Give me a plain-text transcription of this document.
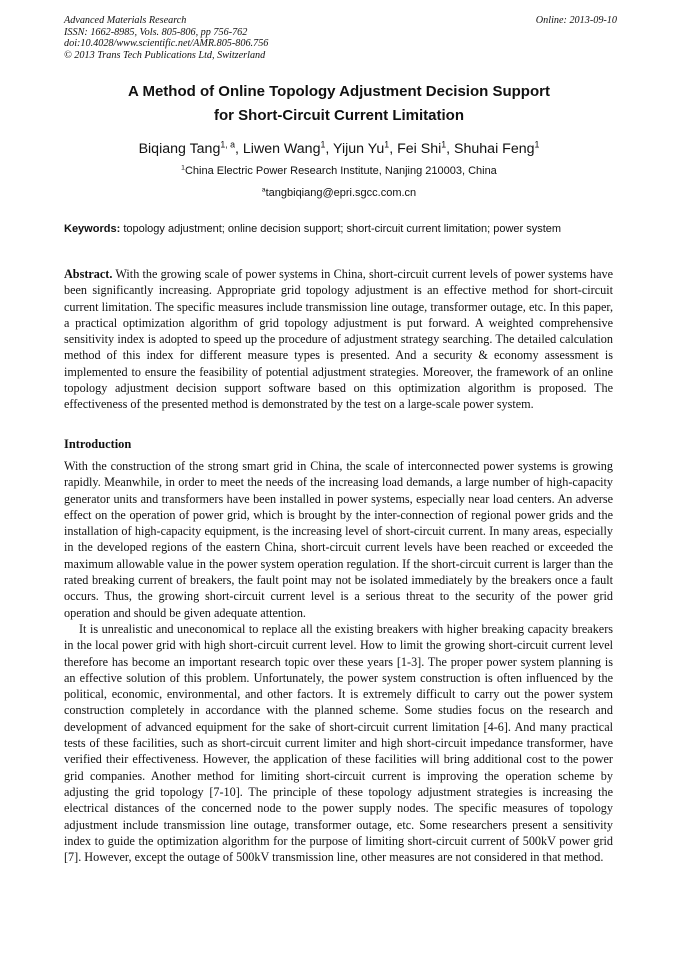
Advanced Materials Research
ISSN: 1662-8985, Vols. 805-806, pp 756-762
doi:10.4028/www.scientific.net/AMR.805-806.756
© 2013 Trans Tech Publications Ltd, Switzerland
Online: 2013-09-10
A Method of Online Topology Adjustment Decision Support
for Short-Circuit Current Limitation
Biqiang Tang$^{1, a}$, Liwen Wang$^1$, Yijun Yu$^1$, Fei Shi$^1$, Shuhai Feng$^1$
$^1$China Electric Power Research Institute, Nanjing 210003, China
$^a$tangbiqiang@epri.sgcc.com.cn
Keywords: topology adjustment; online decision support; short-circuit current limitation; power system
Abstract. With the growing scale of power systems in China, short-circuit current levels of power systems have been significantly increasing. Appropriate grid topology adjustment is an effective method for short-circuit current limitation. The specific measures include transmission line outage, transformer outage, etc. In this paper, a practical optimization algorithm of grid topology adjustment is put forward. A weighted comprehensive sensitivity index is adopted to speed up the procedure of adjustment strategy searching. The detailed calculation method of this index for different measure types is presented. And a security & economy assessment is implemented to ensure the feasibility of potential adjustment strategies. Moreover, the framework of an online topology adjustment decision support software based on this optimization algorithm is proposed. The effectiveness of the presented method is demonstrated by the test on a large-scale power system.
Introduction

With the construction of the strong smart grid in China, the scale of interconnected power systems is growing rapidly. Meanwhile, in order to meet the needs of the increasing load demands, a large number of high-capacity generator units and transformers have been installed in power systems, especially near load centers. An adverse effect on the operation of power grid, which is brought by the inter-connection of regional power grids and the installation of high-capacity equipment, is the increasing level of short-circuit current. In many areas, especially in the developed regions of the eastern China, short-circuit current levels have been reached or exceeded the maximum allowable value in the power system operation regulation. If the short-circuit current is larger than the rated breaking current of breakers, the fault point may not be isolated immediately by the breakers once a fault occurs. Thus, the growing short-circuit current level is a serious threat to the security of the power grid operation and should be given adequate attention.

It is unrealistic and uneconomical to replace all the existing breakers with higher breaking capacity breakers in the local power grid with high short-circuit current level. How to limit the growing short-circuit current level therefore has become an important research topic over these years [1-3]. The proper power system planning is an effective solution of this problem. Unfortunately, the power system construction is often influenced by the political, economic, environmental, and other factors. It is extremely difficult to carry out the power system construction completely in accordance with the planned scheme. Some studies focus on the research and development of advanced equipment for the sake of short-circuit current limitation [4-6]. And many practical tests of these facilities, such as short-circuit current limiter and high short-circuit impedance transformer, have verified their effectiveness. However, the application of these facilities will bring additional cost to the power grid companies. Another method for limiting short-circuit current is improving the operation scheme by adjusting the grid topology [7-10]. The principle of these topology adjustment strategies is increasing the electrical distances of the concerned node to the power supply nodes. The specific measures of topology adjustment include transmission line outage, transformer outage, etc. Some researchers present a sensitivity index to guide the optimization algorithm for the purpose of limiting short-circuit current of 500kV power grid [7]. However, except the outage of 500kV transmission line, other measures are not considered in that method.
